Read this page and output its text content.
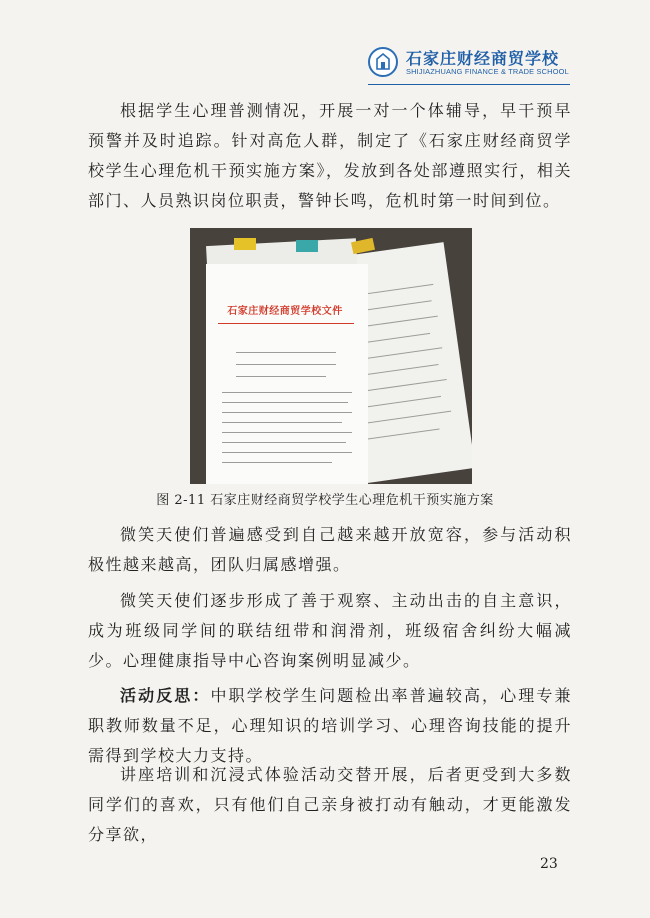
石家庄财经商贸学校
SHIJIAZHUANG FINANCE & TRADE SCHOOL

根据学生心理普测情况，开展一对一个体辅导，早干预早预警并及时追踪。针对高危人群，制定了《石家庄财经商贸学校学生心理危机干预实施方案》，发放到各处部遵照实行，相关部门、人员熟识岗位职责，警钟长鸣，危机时第一时间到位。

石家庄财经商贸学校文件
图 2-11 石家庄财经商贸学校学生心理危机干预实施方案

微笑天使们普遍感受到自己越来越开放宽容，参与活动积极性越来越高，团队归属感增强。

微笑天使们逐步形成了善于观察、主动出击的自主意识，成为班级同学间的联结纽带和润滑剂，班级宿舍纠纷大幅减少。心理健康指导中心咨询案例明显减少。

活动反思：中职学校学生问题检出率普遍较高，心理专兼职教师数量不足，心理知识的培训学习、心理咨询技能的提升需得到学校大力支持。

讲座培训和沉浸式体验活动交替开展，后者更受到大多数同学们的喜欢，只有他们自己亲身被打动有触动，才更能激发分享欲，

23
